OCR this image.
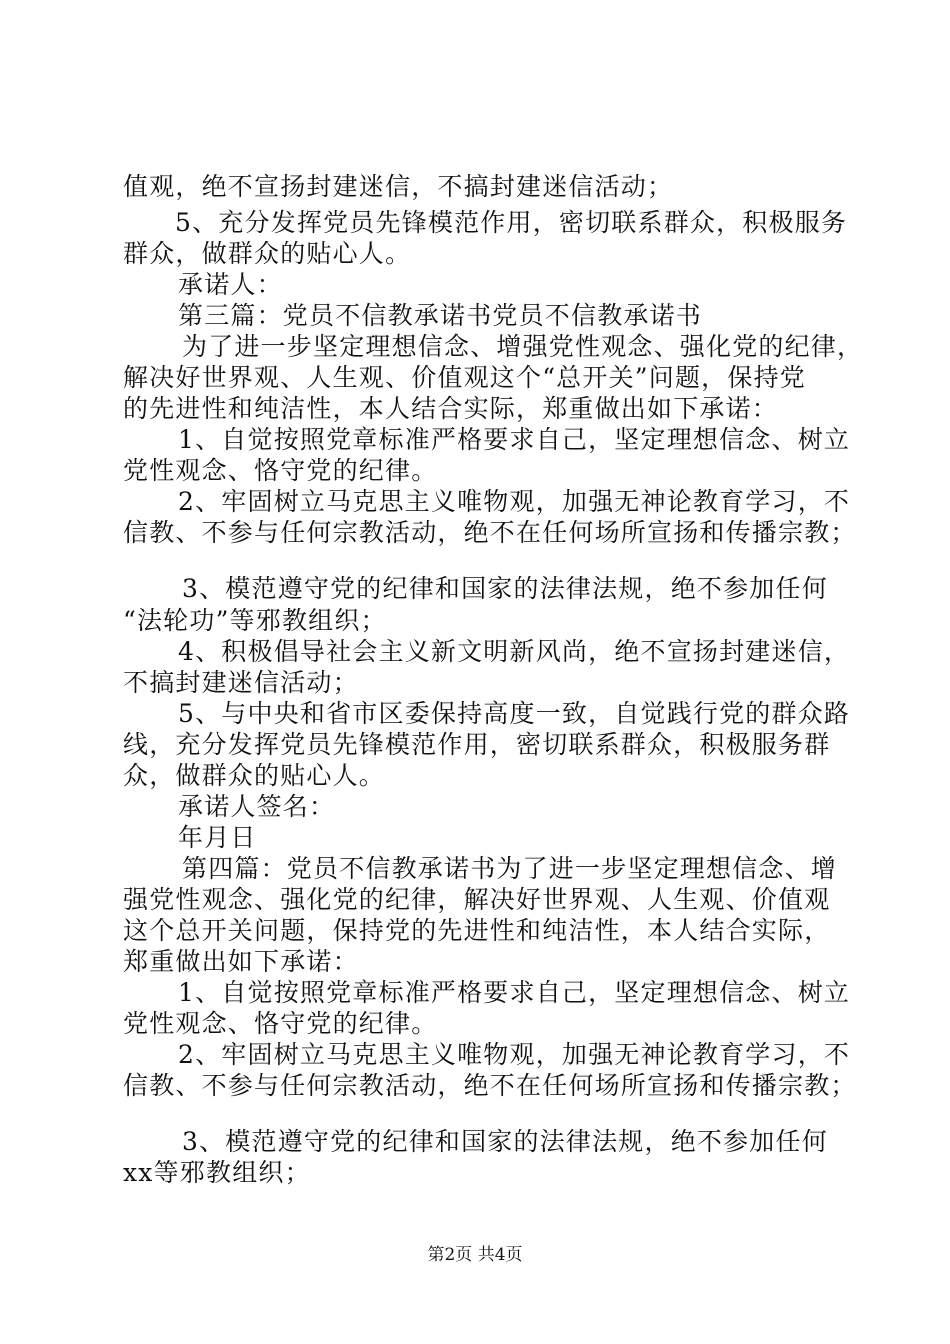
值观，绝不宣扬封建迷信，不搞封建迷信活动；
5、充分发挥党员先锋模范作用，密切联系群众，积极服务
群众，做群众的贴心人。
承诺人：
第三篇：党员不信教承诺书党员不信教承诺书
为了进一步坚定理想信念、增强党性观念、强化党的纪律，
解决好世界观、人生观、价值观这个“总开关”问题，保持党
的先进性和纯洁性，本人结合实际，郑重做出如下承诺：
1、自觉按照党章标准严格要求自己，坚定理想信念、树立
党性观念、恪守党的纪律。
2、牢固树立马克思主义唯物观，加强无神论教育学习，不
信教、不参与任何宗教活动，绝不在任何场所宣扬和传播宗教；
3、模范遵守党的纪律和国家的法律法规，绝不参加任何
“法轮功”等邪教组织；
4、积极倡导社会主义新文明新风尚，绝不宣扬封建迷信，
不搞封建迷信活动；
5、与中央和省市区委保持高度一致，自觉践行党的群众路
线，充分发挥党员先锋模范作用，密切联系群众，积极服务群
众，做群众的贴心人。
承诺人签名：
年月日
第四篇：党员不信教承诺书为了进一步坚定理想信念、增
强党性观念、强化党的纪律，解决好世界观、人生观、价值观
这个总开关问题，保持党的先进性和纯洁性，本人结合实际，
郑重做出如下承诺：
1、自觉按照党章标准严格要求自己，坚定理想信念、树立
党性观念、恪守党的纪律。
2、牢固树立马克思主义唯物观，加强无神论教育学习，不
信教、不参与任何宗教活动，绝不在任何场所宣扬和传播宗教；
3、模范遵守党的纪律和国家的法律法规，绝不参加任何
xx等邪教组织；
第2页 共4页
